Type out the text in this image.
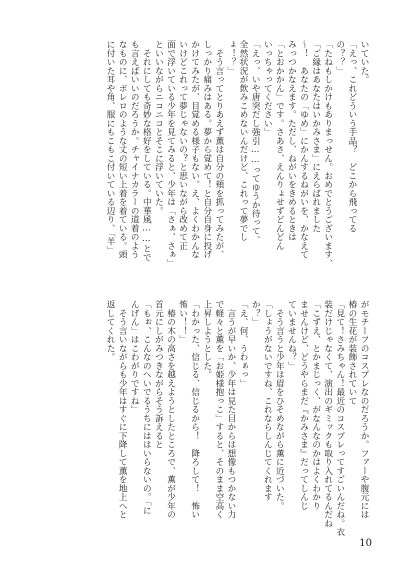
いていた。
「えっ、これどういう手品？　どこから飛ってる
の？？」
「たねもしかけもありまっせん。おめでとうございます、
「ご縁はあなたはいかみさま」にえらばれました
～！　あなたの「ゆめ」にかんするねがいを、かなえて
みっつかなえます。ただし、ねがいをきめるときは
「とおかかん」です。さあさ、えんりょせずどんどん
いっちゃってください」
「えっ、いや唐突だし強引……ってゆうか待って、
全然状況が飲みこめないんだけど、これって夢でし
ょ！？」
　そう言ってとりあえず薫は自分の頬を抓ってみたが、
しっかり痛みはある。夢から覚めて！と自分自身に投げ
かけてみたが、目覚める様子もない。え、よくわかんな
いけどこれって夢じゃないの？と思いながら改めて正
面で浮いている少年を見てみると、少年は「さぁ、さぁ」
といいながらニコニコとそこに浮いていた。
　それにしても奇妙な格好をしている。中華風……とで
も言えばいいのだろうか。チャイナカラーの道着のよう
なものに、ボレロのような丈の短い上着を着ている。頭
に付いた耳や角、服にもこもこ付いている辺り、「羊」
がモチーフのコスプレなのだろうか。ファーや腹元には
椿の生花が装飾されていて
「見て！さみちゃん！最近のコスプレってすごいんだね。衣
装だけじゃなくて、演出のギミックも取り入れてるんだね
「こずえ、とかまじっく、がなんなのかはよくわかり
ませんけど、どうやらまだ『かみさま』だってしんじ
ていませんね？」
　そう言うと少年は眉をひそめながら薫に近づいた。
「しょうがないですね、これならしんじてくれます
か？」
「え、何、うわぁっ」
　言うが早いか、少年は見た目からは想像もつかない力
で軽々と薫を「お姫様抱っこ」すると、そのまま空高く
上昇しようとした。
「わかった、信じる、信じるから！　降ろして！　怖い
怖い！！」
　椿の木の高さを越えようとしたところで、薫が少年の
首元にしがみつきながらそう訴えると
「もぉ、こんなのへいでるうちにははいらないの。「に
んげん」はこわがりですね」
　そう言いながらも少年はすぐに下降して薫を地上へと
返してくれた。
10
